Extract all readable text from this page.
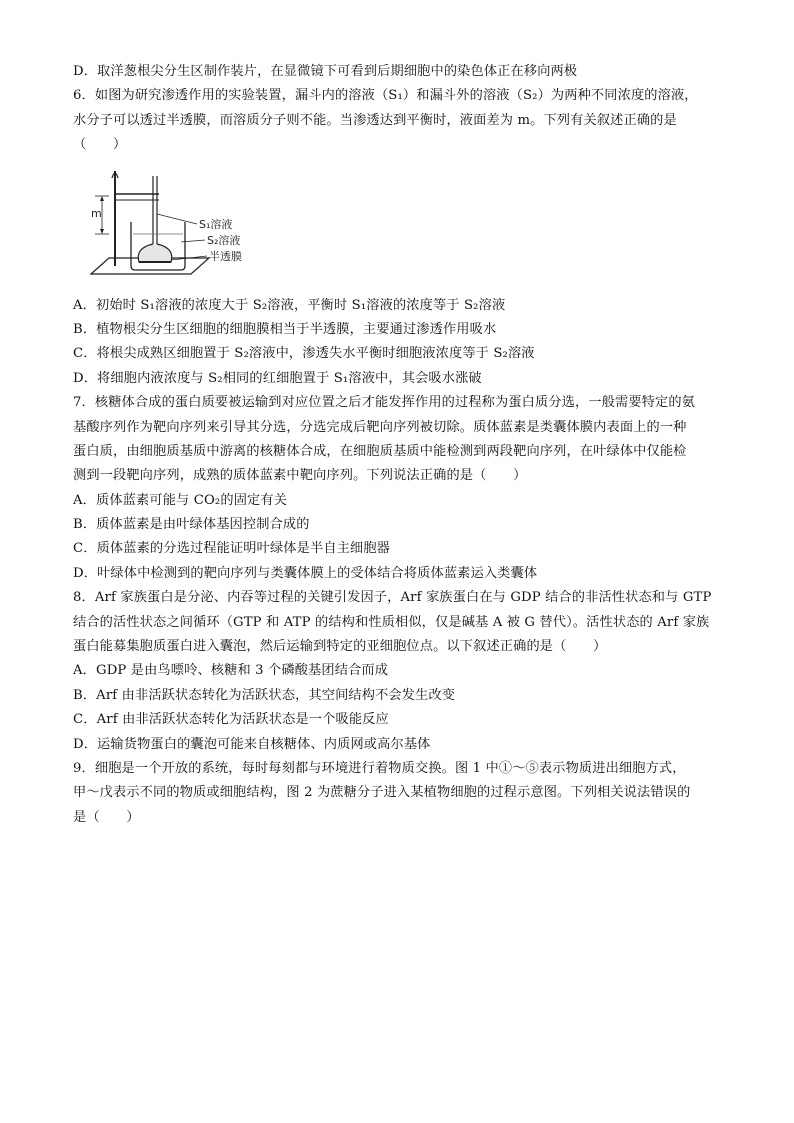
D．取洋葱根尖分生区制作装片，在显微镜下可看到后期细胞中的染色体正在移向两极
6．如图为研究渗透作用的实验装置，漏斗内的溶液（S₁）和漏斗外的溶液（S₂）为两种不同浓度的溶液，
水分子可以透过半透膜，而溶质分子则不能。当渗透达到平衡时，液面差为 m。下列有关叙述正确的是
（　　）
m
S₁溶液
S₂溶液
半透膜
A．初始时 S₁溶液的浓度大于 S₂溶液，平衡时 S₁溶液的浓度等于 S₂溶液
B．植物根尖分生区细胞的细胞膜相当于半透膜，主要通过渗透作用吸水
C．将根尖成熟区细胞置于 S₂溶液中，渗透失水平衡时细胞液浓度等于 S₂溶液
D．将细胞内液浓度与 S₂相同的红细胞置于 S₁溶液中，其会吸水涨破
7．核糖体合成的蛋白质要被运输到对应位置之后才能发挥作用的过程称为蛋白质分选，一般需要特定的氨
基酸序列作为靶向序列来引导其分选，分选完成后靶向序列被切除。质体蓝素是类囊体膜内表面上的一种
蛋白质，由细胞质基质中游离的核糖体合成，在细胞质基质中能检测到两段靶向序列，在叶绿体中仅能检
测到一段靶向序列，成熟的质体蓝素中靶向序列。下列说法正确的是（　　）
A．质体蓝素可能与 CO₂的固定有关
B．质体蓝素是由叶绿体基因控制合成的
C．质体蓝素的分选过程能证明叶绿体是半自主细胞器
D．叶绿体中检测到的靶向序列与类囊体膜上的受体结合将质体蓝素运入类囊体
8．Arf 家族蛋白是分泌、内吞等过程的关键引发因子，Arf 家族蛋白在与 GDP 结合的非活性状态和与 GTP
结合的活性状态之间循环（GTP 和 ATP 的结构和性质相似，仅是碱基 A 被 G 替代）。活性状态的 Arf 家族
蛋白能募集胞质蛋白进入囊泡，然后运输到特定的亚细胞位点。以下叙述正确的是（　　）
A．GDP 是由鸟嘌呤、核糖和 3 个磷酸基团结合而成
B．Arf 由非活跃状态转化为活跃状态，其空间结构不会发生改变
C．Arf 由非活跃状态转化为活跃状态是一个吸能反应
D．运输货物蛋白的囊泡可能来自核糖体、内质网或高尔基体
9．细胞是一个开放的系统，每时每刻都与环境进行着物质交换。图 1 中①～⑤表示物质进出细胞方式，
甲～戊表示不同的物质或细胞结构，图 2 为蔗糖分子进入某植物细胞的过程示意图。下列相关说法错误的
是（　　）
